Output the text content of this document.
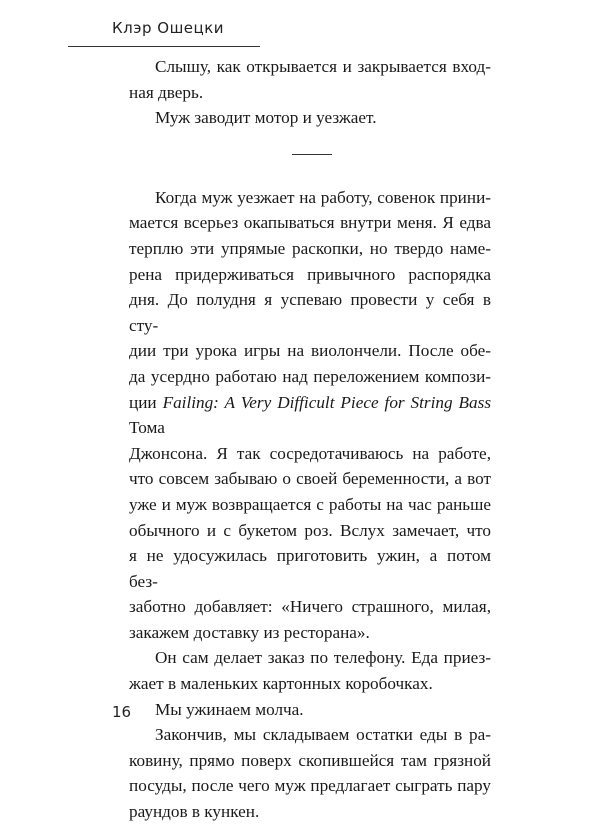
Клэр Ошецки
Слышу, как открывается и закрывается вход-
ная дверь.
Муж заводит мотор и уезжает.
Когда муж уезжает на работу, совенок прини-
мается всерьез окапываться внутри меня. Я едва
терплю эти упрямые раскопки, но твердо наме-
рена придерживаться привычного распорядка
дня. До полудня я успеваю провести у себя в сту-
дии три урока игры на виолончели. После обе-
да усердно работаю над переложением компози-
ции Failing: A Very Difficult Piece for String Bass Тома
Джонсона. Я так сосредотачиваюсь на работе,
что совсем забываю о своей беременности, а вот
уже и муж возвращается с работы на час раньше
обычного и с букетом роз. Вслух замечает, что
я не удосужилась приготовить ужин, а потом без-
заботно добавляет: «Ничего страшного, милая,
закажем доставку из ресторана».
Он сам делает заказ по телефону. Еда приез-
жает в маленьких картонных коробочках.
Мы ужинаем молча.
Закончив, мы складываем остатки еды в ра-
ковину, прямо поверх скопившейся там грязной
посуды, после чего муж предлагает сыграть пару
раундов в кункен.
16
